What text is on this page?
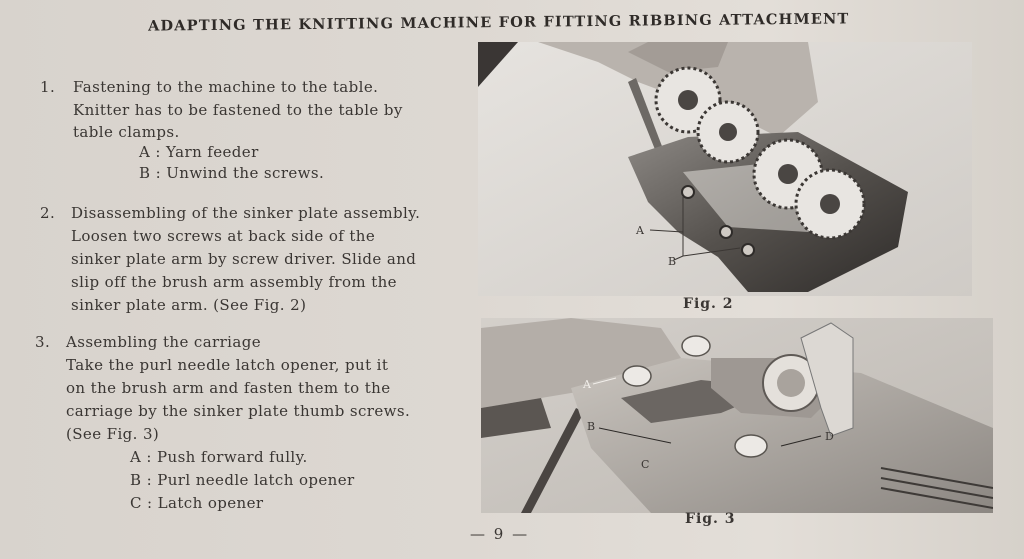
ADAPTING THE KNITTING MACHINE FOR FITTING RIBBING ATTACHMENT
1.	Fastening to the machine to the table.
Knitter has to be fastened to the table by
table clamps.
A : Yarn feeder
B : Unwind the screws.
2.	Disassembling of the sinker plate assembly.
Loosen two screws at back side of the
sinker plate arm by screw driver. Slide and
slip off the brush arm assembly from the
sinker plate arm. (See Fig. 2)
3.	Assembling the carriage
Take the purl needle latch opener, put it
on the brush arm and fasten them to the
carriage by the sinker plate thumb screws.
(See Fig. 3)
A : Push forward fully.
B : Purl needle latch opener
C : Latch opener
A
B
Fig. 2
A
B
C
D
Fig. 3
— 9 —
